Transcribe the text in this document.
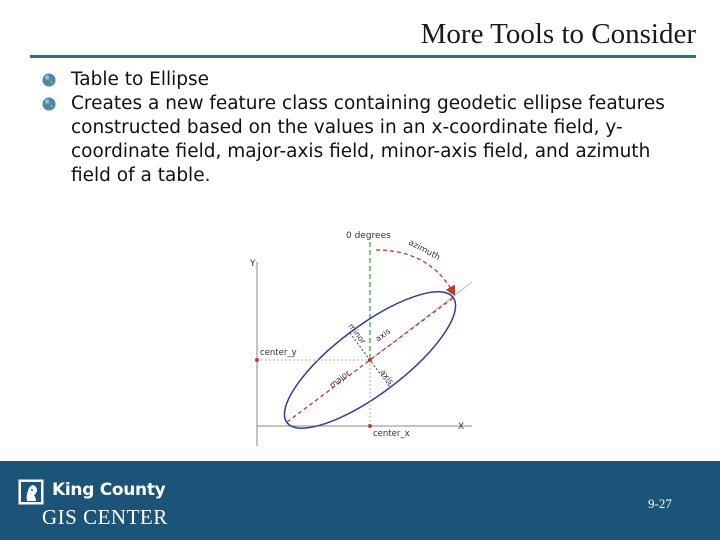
More Tools to Consider
Table to Ellipse
Creates a new feature class containing geodetic ellipse features constructed based on the values in an x-coordinate field, y-coordinate field, major-axis field, minor-axis field, and azimuth field of a table.
Y
X
0 degrees
azimuth
center_y
center_x
minor axis
major	axis
King County
GIS CENTER
9-27
